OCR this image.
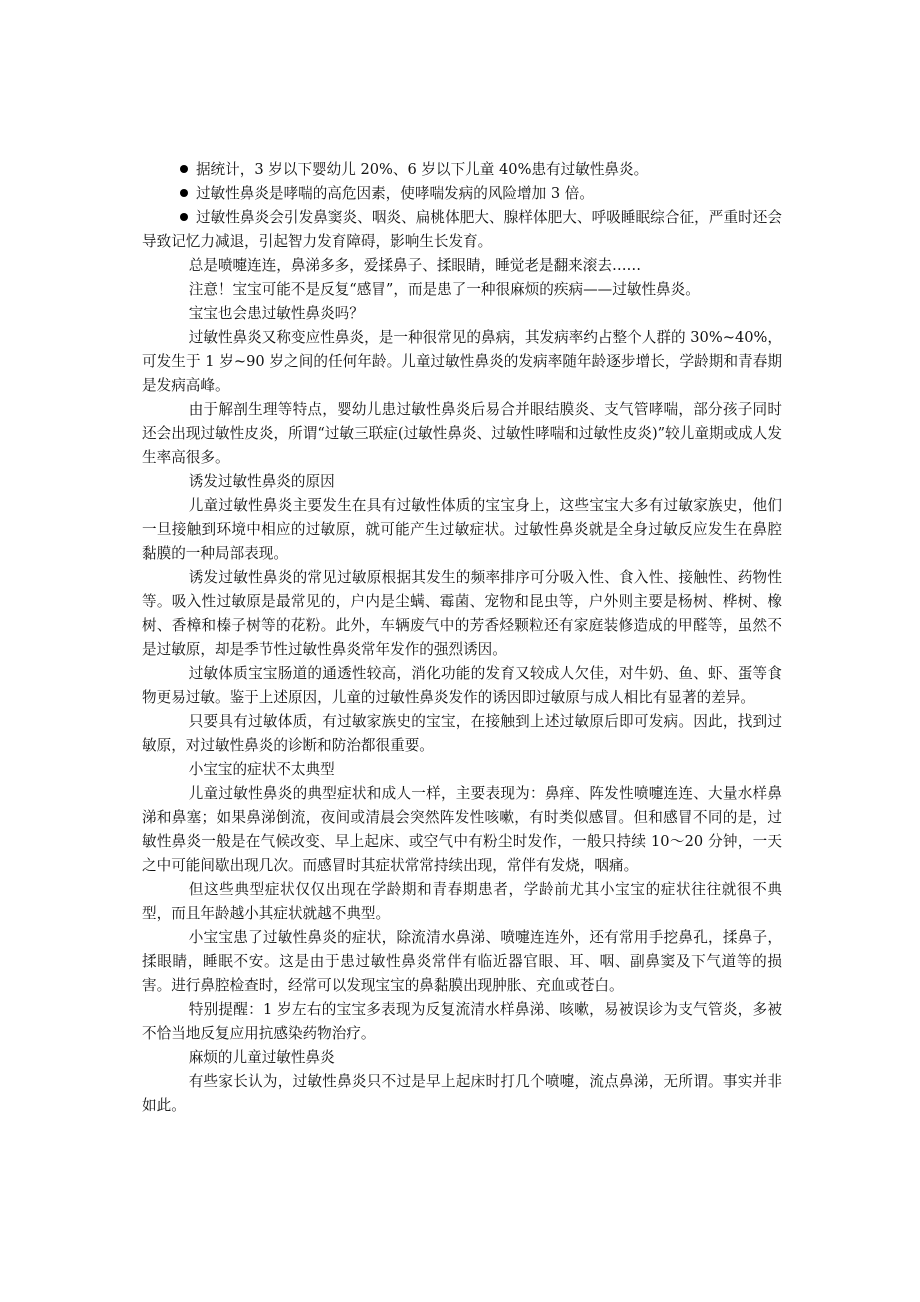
据统计，3 岁以下婴幼儿 20%、6 岁以下儿童 40%患有过敏性鼻炎。

过敏性鼻炎是哮喘的高危因素，使哮喘发病的风险增加 3 倍。

过敏性鼻炎会引发鼻窦炎、咽炎、扁桃体肥大、腺样体肥大、呼吸睡眠综合征，严重时还会导致记忆力减退，引起智力发育障碍，影响生长发育。

总是喷嚏连连，鼻涕多多，爱揉鼻子、揉眼睛，睡觉老是翻来滚去……

注意！宝宝可能不是反复“感冒”，而是患了一种很麻烦的疾病——过敏性鼻炎。

宝宝也会患过敏性鼻炎吗？

过敏性鼻炎又称变应性鼻炎，是一种很常见的鼻病，其发病率约占整个人群的 30%~40%，可发生于 1 岁~90 岁之间的任何年龄。儿童过敏性鼻炎的发病率随年龄逐步增长，学龄期和青春期是发病高峰。

由于解剖生理等特点，婴幼儿患过敏性鼻炎后易合并眼结膜炎、支气管哮喘，部分孩子同时还会出现过敏性皮炎，所谓“过敏三联症(过敏性鼻炎、过敏性哮喘和过敏性皮炎)”较儿童期或成人发生率高很多。

诱发过敏性鼻炎的原因

儿童过敏性鼻炎主要发生在具有过敏性体质的宝宝身上，这些宝宝大多有过敏家族史，他们一旦接触到环境中相应的过敏原，就可能产生过敏症状。过敏性鼻炎就是全身过敏反应发生在鼻腔黏膜的一种局部表现。

诱发过敏性鼻炎的常见过敏原根据其发生的频率排序可分吸入性、食入性、接触性、药物性等。吸入性过敏原是最常见的，户内是尘螨、霉菌、宠物和昆虫等，户外则主要是杨树、桦树、橡树、香樟和榛子树等的花粉。此外，车辆废气中的芳香烃颗粒还有家庭装修造成的甲醛等，虽然不是过敏原，却是季节性过敏性鼻炎常年发作的强烈诱因。

过敏体质宝宝肠道的通透性较高，消化功能的发育又较成人欠佳，对牛奶、鱼、虾、蛋等食物更易过敏。鉴于上述原因，儿童的过敏性鼻炎发作的诱因即过敏原与成人相比有显著的差异。

只要具有过敏体质，有过敏家族史的宝宝，在接触到上述过敏原后即可发病。因此，找到过敏原，对过敏性鼻炎的诊断和防治都很重要。

小宝宝的症状不太典型

儿童过敏性鼻炎的典型症状和成人一样，主要表现为：鼻痒、阵发性喷嚏连连、大量水样鼻涕和鼻塞；如果鼻涕倒流，夜间或清晨会突然阵发性咳嗽，有时类似感冒。但和感冒不同的是，过敏性鼻炎一般是在气候改变、早上起床、或空气中有粉尘时发作，一般只持续 10～20 分钟，一天之中可能间歇出现几次。而感冒时其症状常常持续出现，常伴有发烧，咽痛。

但这些典型症状仅仅出现在学龄期和青春期患者，学龄前尤其小宝宝的症状往往就很不典型，而且年龄越小其症状就越不典型。

小宝宝患了过敏性鼻炎的症状，除流清水鼻涕、喷嚏连连外，还有常用手挖鼻孔，揉鼻子，揉眼睛，睡眠不安。这是由于患过敏性鼻炎常伴有临近器官眼、耳、咽、副鼻窦及下气道等的损害。进行鼻腔检查时，经常可以发现宝宝的鼻黏膜出现肿胀、充血或苍白。

特别提醒：1 岁左右的宝宝多表现为反复流清水样鼻涕、咳嗽，易被误诊为支气管炎，多被不恰当地反复应用抗感染药物治疗。

麻烦的儿童过敏性鼻炎

有些家长认为，过敏性鼻炎只不过是早上起床时打几个喷嚏，流点鼻涕，无所谓。事实并非如此。
